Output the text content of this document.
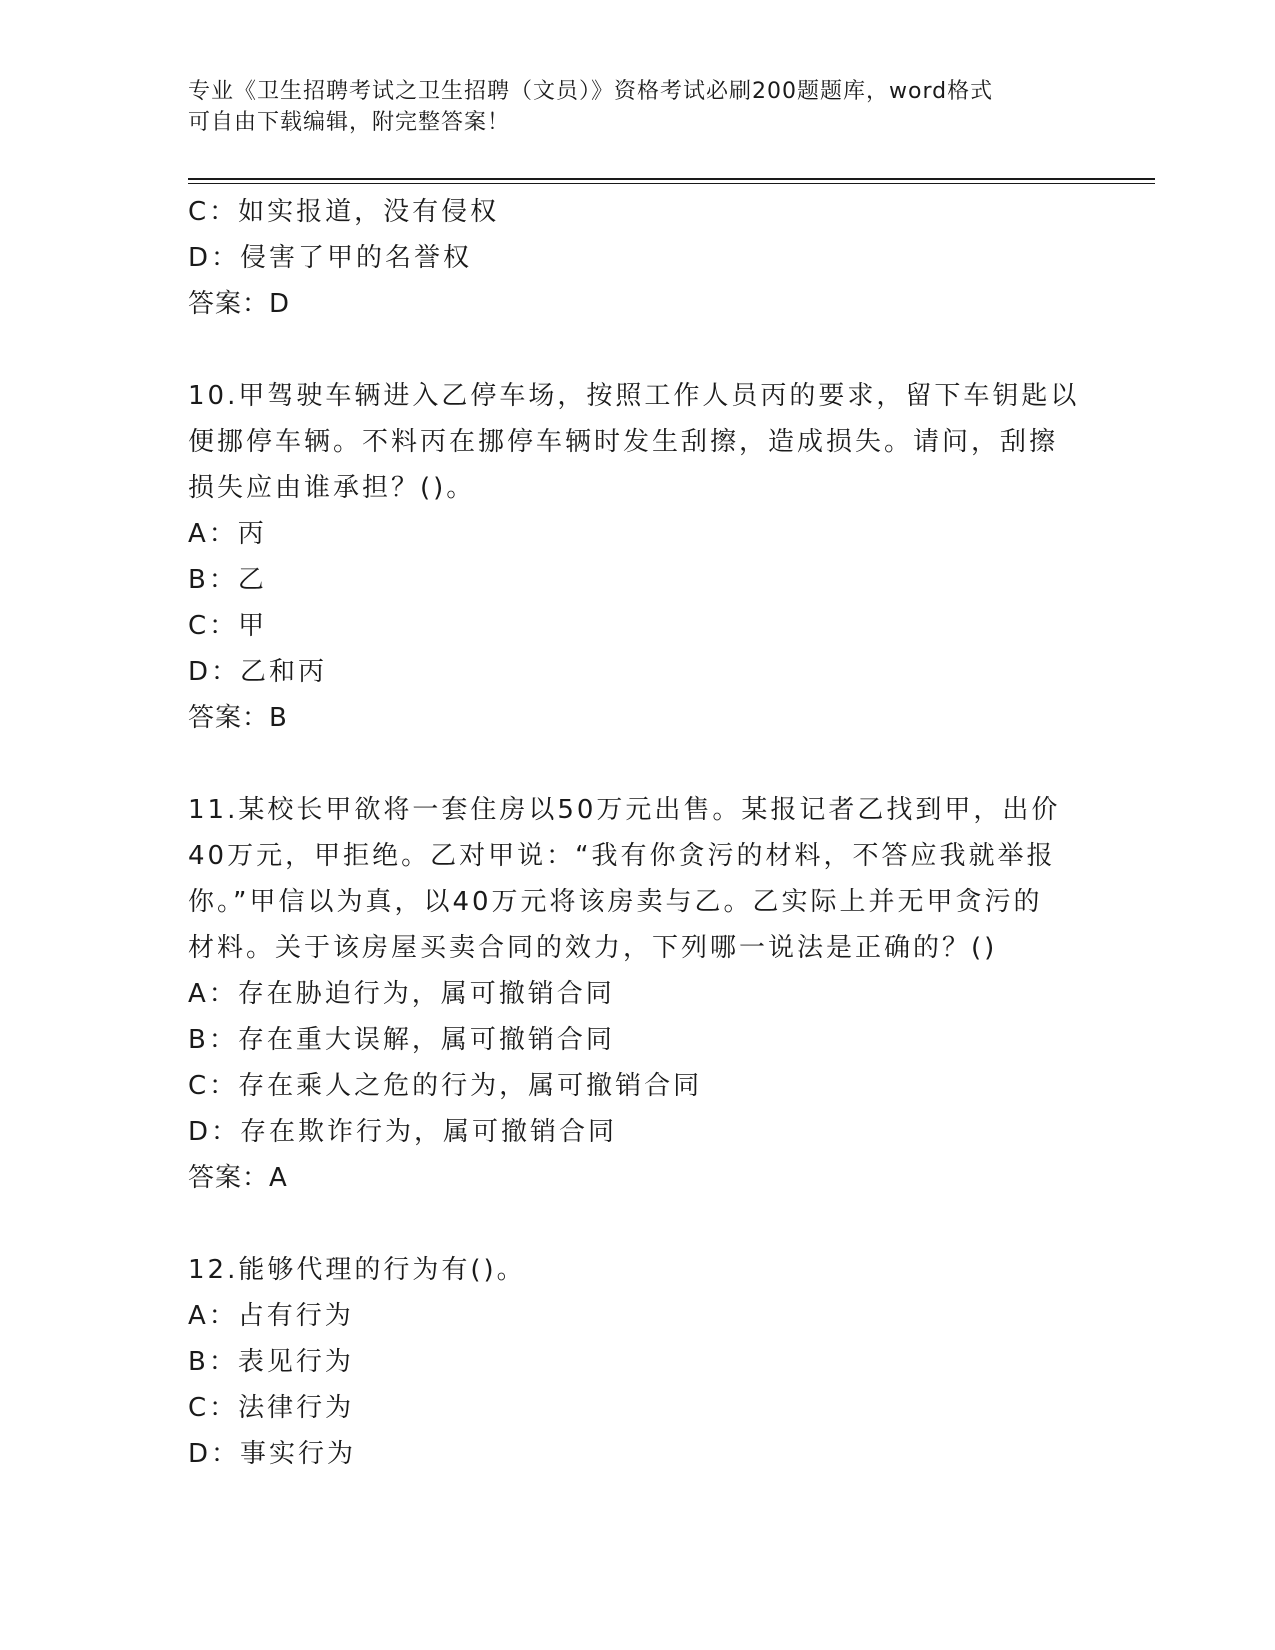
专业《卫生招聘考试之卫生招聘（文员）》资格考试必刷200题题库，word格式
可自由下载编辑，附完整答案！
C：如实报道，没有侵权
D：侵害了甲的名誉权
答案：D
10.甲驾驶车辆进入乙停车场，按照工作人员丙的要求，留下车钥匙以
便挪停车辆。不料丙在挪停车辆时发生刮擦，造成损失。请问，刮擦
损失应由谁承担？()。
A：丙
B：乙
C：甲
D：乙和丙
答案：B
11.某校长甲欲将一套住房以50万元出售。某报记者乙找到甲，出价
40万元，甲拒绝。乙对甲说：“我有你贪污的材料，不答应我就举报
你。”甲信以为真，以40万元将该房卖与乙。乙实际上并无甲贪污的
材料。关于该房屋买卖合同的效力，下列哪一说法是正确的？()
A：存在胁迫行为，属可撤销合同
B：存在重大误解，属可撤销合同
C：存在乘人之危的行为，属可撤销合同
D：存在欺诈行为，属可撤销合同
答案：A
12.能够代理的行为有()。
A：占有行为
B：表见行为
C：法律行为
D：事实行为
